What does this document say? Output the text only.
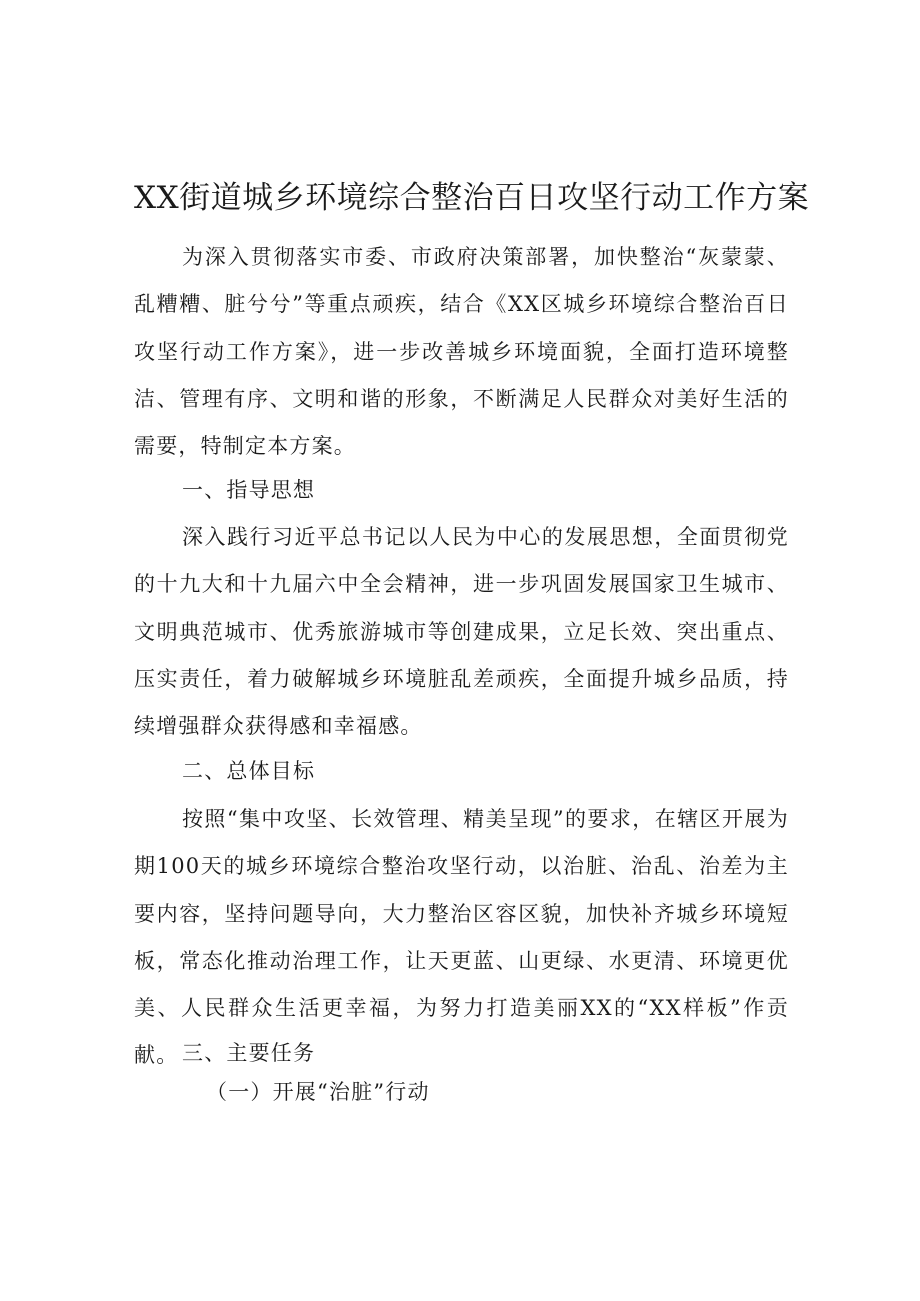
XX街道城乡环境综合整治百日攻坚行动工作方案

为深入贯彻落实市委、市政府决策部署，加快整治“灰蒙蒙、乱糟糟、脏兮兮”等重点顽疾，结合《XX区城乡环境综合整治百日攻坚行动工作方案》，进一步改善城乡环境面貌，全面打造环境整洁、管理有序、文明和谐的形象，不断满足人民群众对美好生活的需要，特制定本方案。

一、指导思想

深入践行习近平总书记以人民为中心的发展思想，全面贯彻党的十九大和十九届六中全会精神，进一步巩固发展国家卫生城市、文明典范城市、优秀旅游城市等创建成果，立足长效、突出重点、压实责任，着力破解城乡环境脏乱差顽疾，全面提升城乡品质，持续增强群众获得感和幸福感。

二、总体目标

按照“集中攻坚、长效管理、精美呈现”的要求，在辖区开展为期100天的城乡环境综合整治攻坚行动，以治脏、治乱、治差为主要内容，坚持问题导向，大力整治区容区貌，加快补齐城乡环境短板，常态化推动治理工作，让天更蓝、山更绿、水更清、环境更优美、人民群众生活更幸福，为努力打造美丽XX的“XX样板”作贡献。 三、主要任务

（一）开展“治脏”行动
